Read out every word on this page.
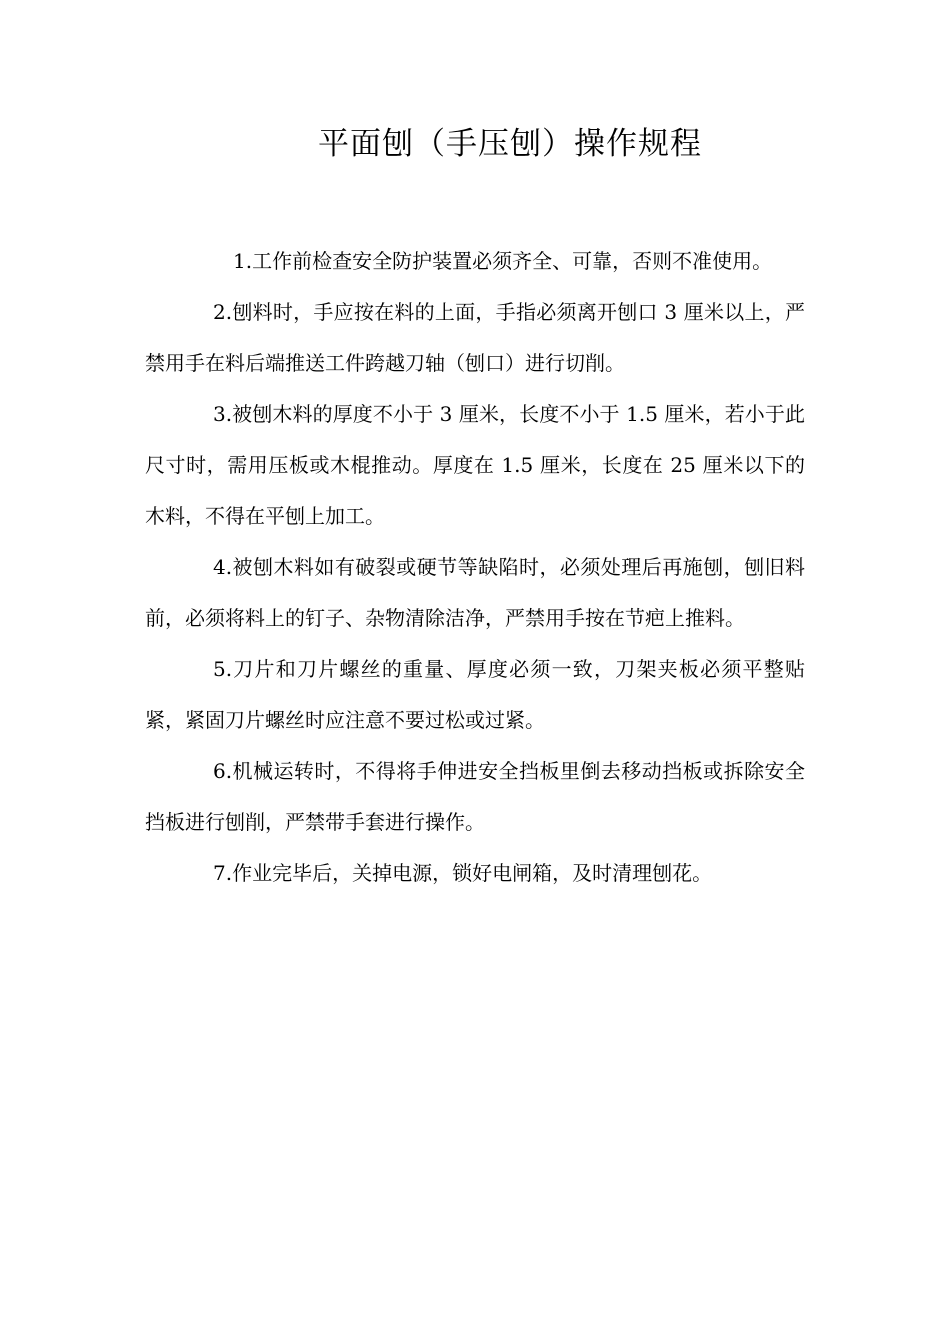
平面刨（手压刨）操作规程

1.工作前检查安全防护装置必须齐全、可靠，否则不准使用。

2.刨料时，手应按在料的上面，手指必须离开刨口 3 厘米以上，严禁用手在料后端推送工件跨越刀轴（刨口）进行切削。

3.被刨木料的厚度不小于 3 厘米，长度不小于 1.5 厘米，若小于此尺寸时，需用压板或木棍推动。厚度在 1.5 厘米，长度在 25 厘米以下的木料，不得在平刨上加工。

4.被刨木料如有破裂或硬节等缺陷时，必须处理后再施刨，刨旧料前，必须将料上的钉子、杂物清除洁净，严禁用手按在节疤上推料。

5.刀片和刀片螺丝的重量、厚度必须一致，刀架夹板必须平整贴紧，紧固刀片螺丝时应注意不要过松或过紧。

6.机械运转时，不得将手伸进安全挡板里倒去移动挡板或拆除安全挡板进行刨削，严禁带手套进行操作。

7.作业完毕后，关掉电源，锁好电闸箱，及时清理刨花。
